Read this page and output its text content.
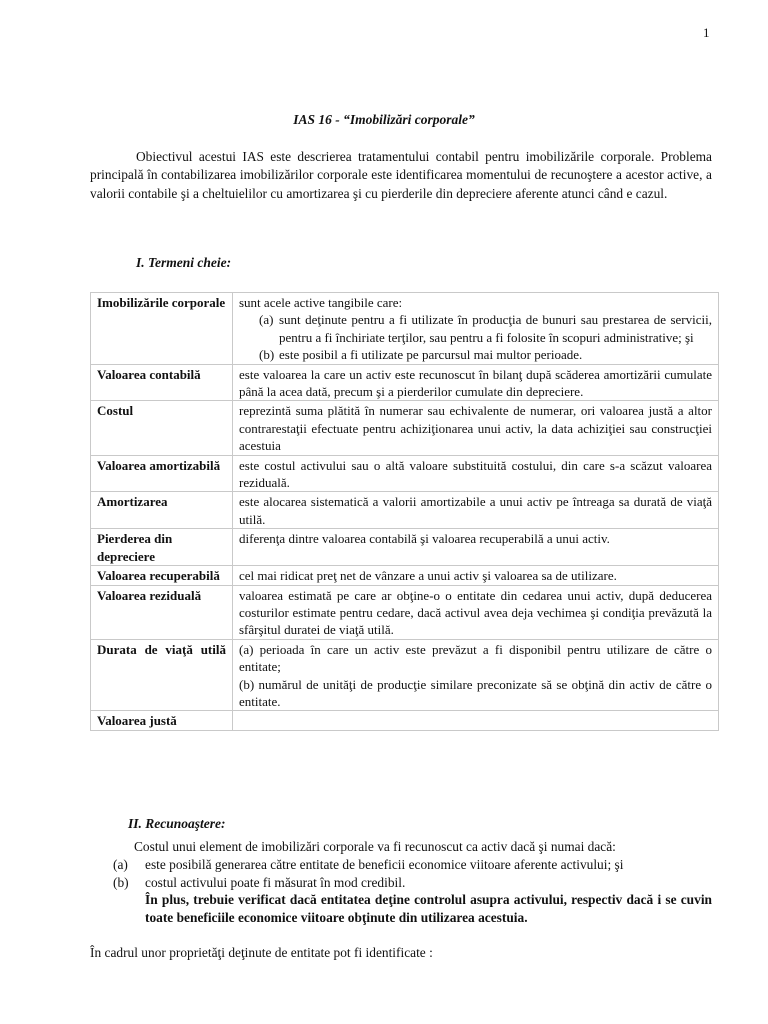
1
IAS 16 - “Imobilizări corporale”

Obiectivul acestui IAS este descrierea tratamentului contabil pentru imobilizările corporale. Problema principală în contabilizarea imobilizărilor corporale este identificarea momentului de recunoştere a acestor active, a valorii contabile şi a cheltuielilor cu amortizarea şi cu pierderile din depreciere aferente atunci când e cazul.

I. Termeni cheie:
Imobilizările corporale	sunt acele active tangibile care:
(a) sunt deţinute pentru a fi utilizate în producţia de bunuri sau prestarea de servicii, pentru a fi închiriate terţilor, sau pentru a fi folosite în scopuri administrative; şi
(b) este posibil a fi utilizate pe parcursul mai multor perioade.

Valoarea contabilă	este valoarea la care un activ este recunoscut în bilanţ după scăderea amortizării cumulate până la acea dată, precum şi a pierderilor cumulate din depreciere.
Costul	reprezintă suma plătită în numerar sau echivalente de numerar, ori valoarea justă a altor contrarestaţii efectuate pentru achiziţionarea unui activ, la data achiziţiei sau construcţiei acestuia
Valoarea amortizabilă	este costul activului sau o altă valoare substituită costului, din care s-a scăzut valoarea reziduală.
Amortizarea	este alocarea sistematică a valorii amortizabile a unui activ pe întreaga sa durată de viaţă utilă.
Pierderea din depreciere	diferenţa dintre valoarea contabilă şi valoarea recuperabilă a unui activ.
Valoarea recuperabilă	cel mai ridicat preţ net de vânzare a unui activ şi valoarea sa de utilizare.
Valoarea reziduală	valoarea estimată pe care ar obţine-o o entitate din cedarea unui activ, după deducerea costurilor estimate pentru cedare, dacă activul avea deja vechimea şi condiţia prevăzută la sfârşitul duratei de viaţă utilă.
Durata de viaţă utilă	(a) perioada în care un activ este prevăzut a fi disponibil pentru utilizare de către o entitate;
(b) numărul de unităţi de producţie similare preconizate să se obţină din activ de către o entitate.

Valoarea justă	
II. Recunoaştere:

Costul unui element de imobilizări corporale va fi recunoscut ca activ dacă şi numai dacă:

(a)	este posibilă generarea către entitate de beneficii economice viitoare aferente activului; şi
(b)	costul activului poate fi măsurat în mod credibil.
În plus, trebuie verificat dacă entitatea deţine controlul asupra activului, respectiv dacă i se cuvin toate beneficiile economice viitoare obţinute din utilizarea acestuia.
În cadrul unor proprietăţi deţinute de entitate pot fi identificate :
